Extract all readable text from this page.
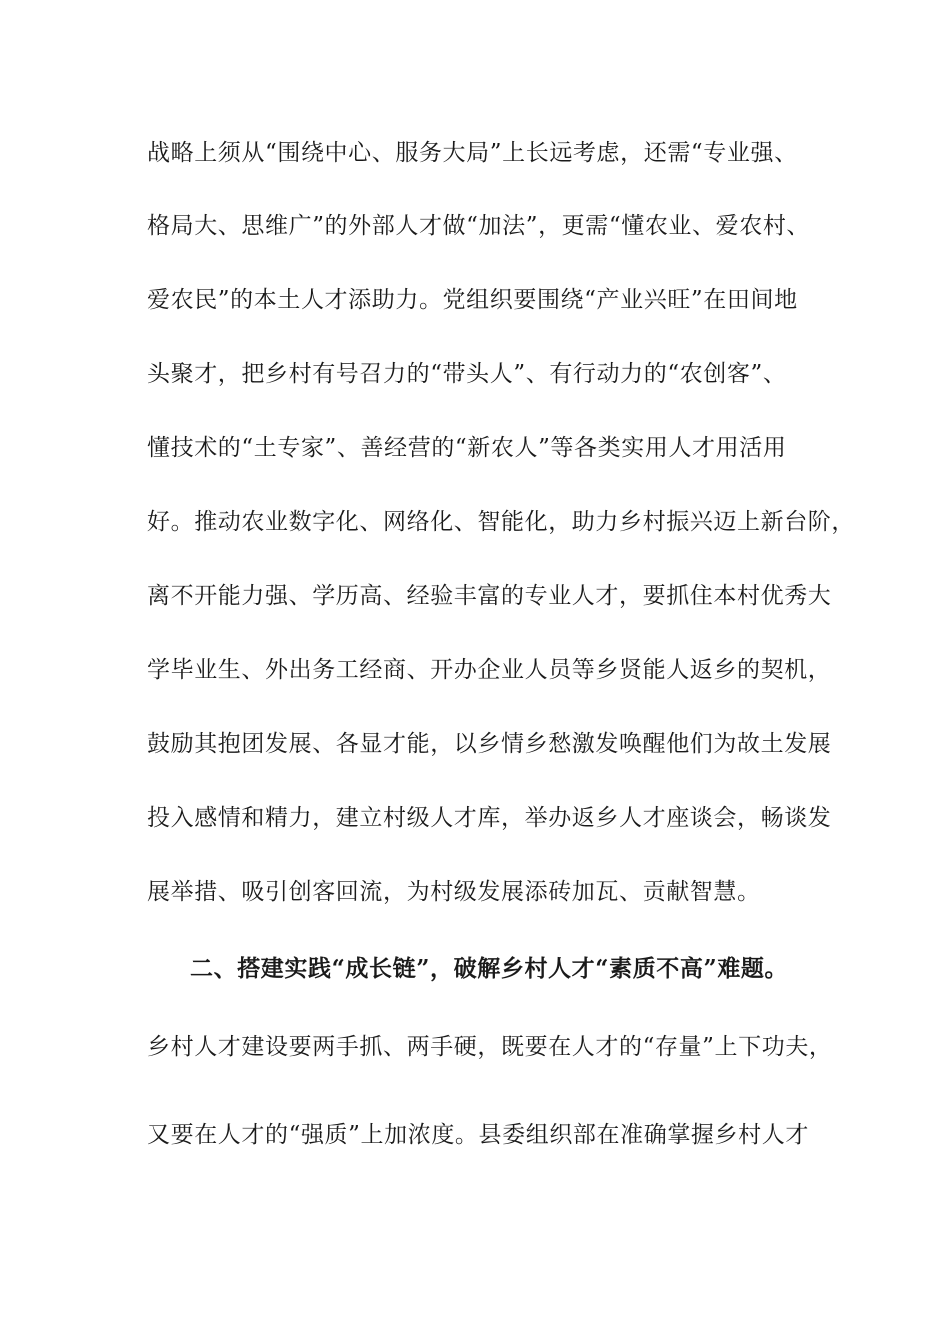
战略上须从“围绕中心、服务大局”上长远考虑，还需“专业强、
格局大、思维广”的外部人才做“加法”，更需“懂农业、爱农村、
爱农民”的本土人才添助力。党组织要围绕“产业兴旺”在田间地
头聚才，把乡村有号召力的“带头人”、有行动力的“农创客”、
懂技术的“土专家”、善经营的“新农人”等各类实用人才用活用
好。推动农业数字化、网络化、智能化，助力乡村振兴迈上新台阶，
离不开能力强、学历高、经验丰富的专业人才，要抓住本村优秀大
学毕业生、外出务工经商、开办企业人员等乡贤能人返乡的契机，
鼓励其抱团发展、各显才能，以乡情乡愁激发唤醒他们为故土发展
投入感情和精力，建立村级人才库，举办返乡人才座谈会，畅谈发
展举措、吸引创客回流，为村级发展添砖加瓦、贡献智慧。
二、搭建实践“成长链”，破解乡村人才“素质不高”难题。
乡村人才建设要两手抓、两手硬，既要在人才的“存量”上下功夫，
又要在人才的“强质”上加浓度。县委组织部在准确掌握乡村人才
